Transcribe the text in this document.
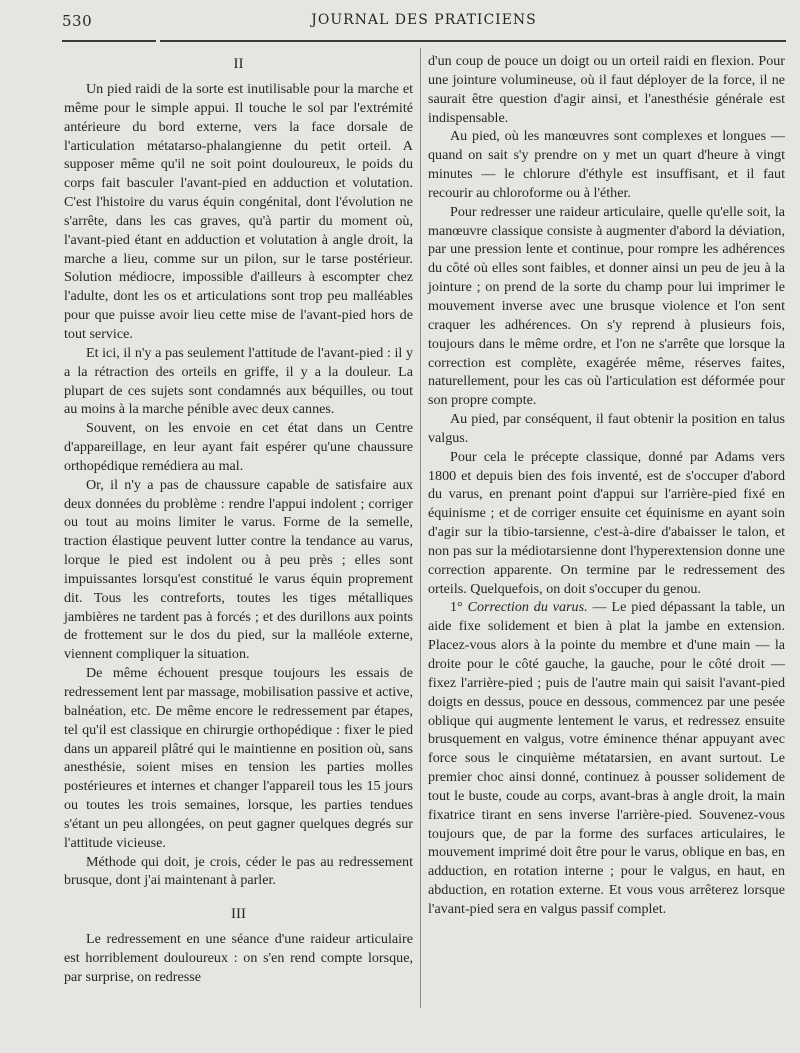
530	JOURNAL DES PRATICIENS
II

Un pied raidi de la sorte est inutilisable pour la marche et même pour le simple appui. Il touche le sol par l'extrémité antérieure du bord externe, vers la face dorsale de l'articulation métatarso-phalangienne du petit orteil. A supposer même qu'il ne soit point douloureux, le poids du corps fait basculer l'avant-pied en adduction et volutation. C'est l'histoire du varus équin congénital, dont l'évolution ne s'arrête, dans les cas graves, qu'à partir du moment où, l'avant-pied étant en adduction et volutation à angle droit, la marche a lieu, comme sur un pilon, sur le tarse postérieur. Solution médiocre, impossible d'ailleurs à escompter chez l'adulte, dont les os et articulations sont trop peu malléables pour que puisse avoir lieu cette mise de l'avant-pied hors de tout service.

Et ici, il n'y a pas seulement l'attitude de l'avant-pied : il y a la rétraction des orteils en griffe, il y a la douleur. La plupart de ces sujets sont condamnés aux béquilles, ou tout au moins à la marche pénible avec deux cannes.

Souvent, on les envoie en cet état dans un Centre d'appareillage, en leur ayant fait espérer qu'une chaussure orthopédique remédiera au mal.

Or, il n'y a pas de chaussure capable de satisfaire aux deux données du problème : rendre l'appui indolent ; corriger ou tout au moins limiter le varus. Forme de la semelle, traction élastique peuvent lutter contre la tendance au varus, lorque le pied est indolent ou à peu près ; elles sont impuissantes lorsqu'est constitué le varus équin proprement dit. Tous les contreforts, toutes les tiges métalliques jambières ne tardent pas à forcés ; et des durillons aux points de frottement sur le dos du pied, sur la malléole externe, viennent compliquer la situation.

De même échouent presque toujours les essais de redressement lent par massage, mobilisation passive et active, balnéation, etc. De même encore le redressement par étapes, tel qu'il est classique en chirurgie orthopédique : fixer le pied dans un appareil plâtré qui le maintienne en position où, sans anesthésie, soient mises en tension les parties molles postérieures et internes et changer l'appareil tous les 15 jours ou toutes les trois semaines, lorsque, les parties tendues s'étant un peu allongées, on peut gagner quelques degrés sur l'attitude vicieuse.

Méthode qui doit, je crois, céder le pas au redressement brusque, dont j'ai maintenant à parler.

III

Le redressement en une séance d'une raideur articulaire est horriblement douloureux : on s'en rend compte lorsque, par surprise, on redresse

d'un coup de pouce un doigt ou un orteil raidi en flexion. Pour une jointure volumineuse, où il faut déployer de la force, il ne saurait être question d'agir ainsi, et l'anesthésie générale est indispensable.

Au pied, où les manœuvres sont complexes et longues — quand on sait s'y prendre on y met un quart d'heure à vingt minutes — le chlorure d'éthyle est insuffisant, et il faut recourir au chloroforme ou à l'éther.

Pour redresser une raideur articulaire, quelle qu'elle soit, la manœuvre classique consiste à augmenter d'abord la déviation, par une pression lente et continue, pour rompre les adhérences du côté où elles sont faibles, et donner ainsi un peu de jeu à la jointure ; on prend de la sorte du champ pour lui imprimer le mouvement inverse avec une brusque violence et l'on sent craquer les adhérences. On s'y reprend à plusieurs fois, toujours dans le même ordre, et l'on ne s'arrête que lorsque la correction est complète, exagérée même, réserves faites, naturellement, pour les cas où l'articulation est déformée pour son propre compte.

Au pied, par conséquent, il faut obtenir la position en talus valgus.

Pour cela le précepte classique, donné par Adams vers 1800 et depuis bien des fois inventé, est de s'occuper d'abord du varus, en prenant point d'appui sur l'arrière-pied fixé en équinisme ; et de corriger ensuite cet équinisme en ayant soin d'agir sur la tibio-tarsienne, c'est-à-dire d'abaisser le talon, et non pas sur la médiotarsienne dont l'hyperextension donne une correction apparente. On termine par le redressement des orteils. Quelquefois, on doit s'occuper du genou.

1° Correction du varus. — Le pied dépassant la table, un aide fixe solidement et bien à plat la jambe en extension. Placez-vous alors à la pointe du membre et d'une main — la droite pour le côté gauche, la gauche, pour le côté droit — fixez l'arrière-pied ; puis de l'autre main qui saisit l'avant-pied doigts en dessus, pouce en dessous, commencez par une pesée oblique qui augmente lentement le varus, et redressez ensuite brusquement en valgus, votre éminence thénar appuyant avec force sous le cinquième métatarsien, en avant surtout. Le premier choc ainsi donné, continuez à pousser solidement de tout le buste, coude au corps, avant-bras à angle droit, la main fixatrice tirant en sens inverse l'arrière-pied. Souvenez-vous toujours que, de par la forme des surfaces articulaires, le mouvement imprimé doit être pour le varus, oblique en bas, en adduction, en rotation interne ; pour le valgus, en haut, en abduction, en rotation externe. Et vous vous arrêterez lorsque l'avant-pied sera en valgus passif complet.
